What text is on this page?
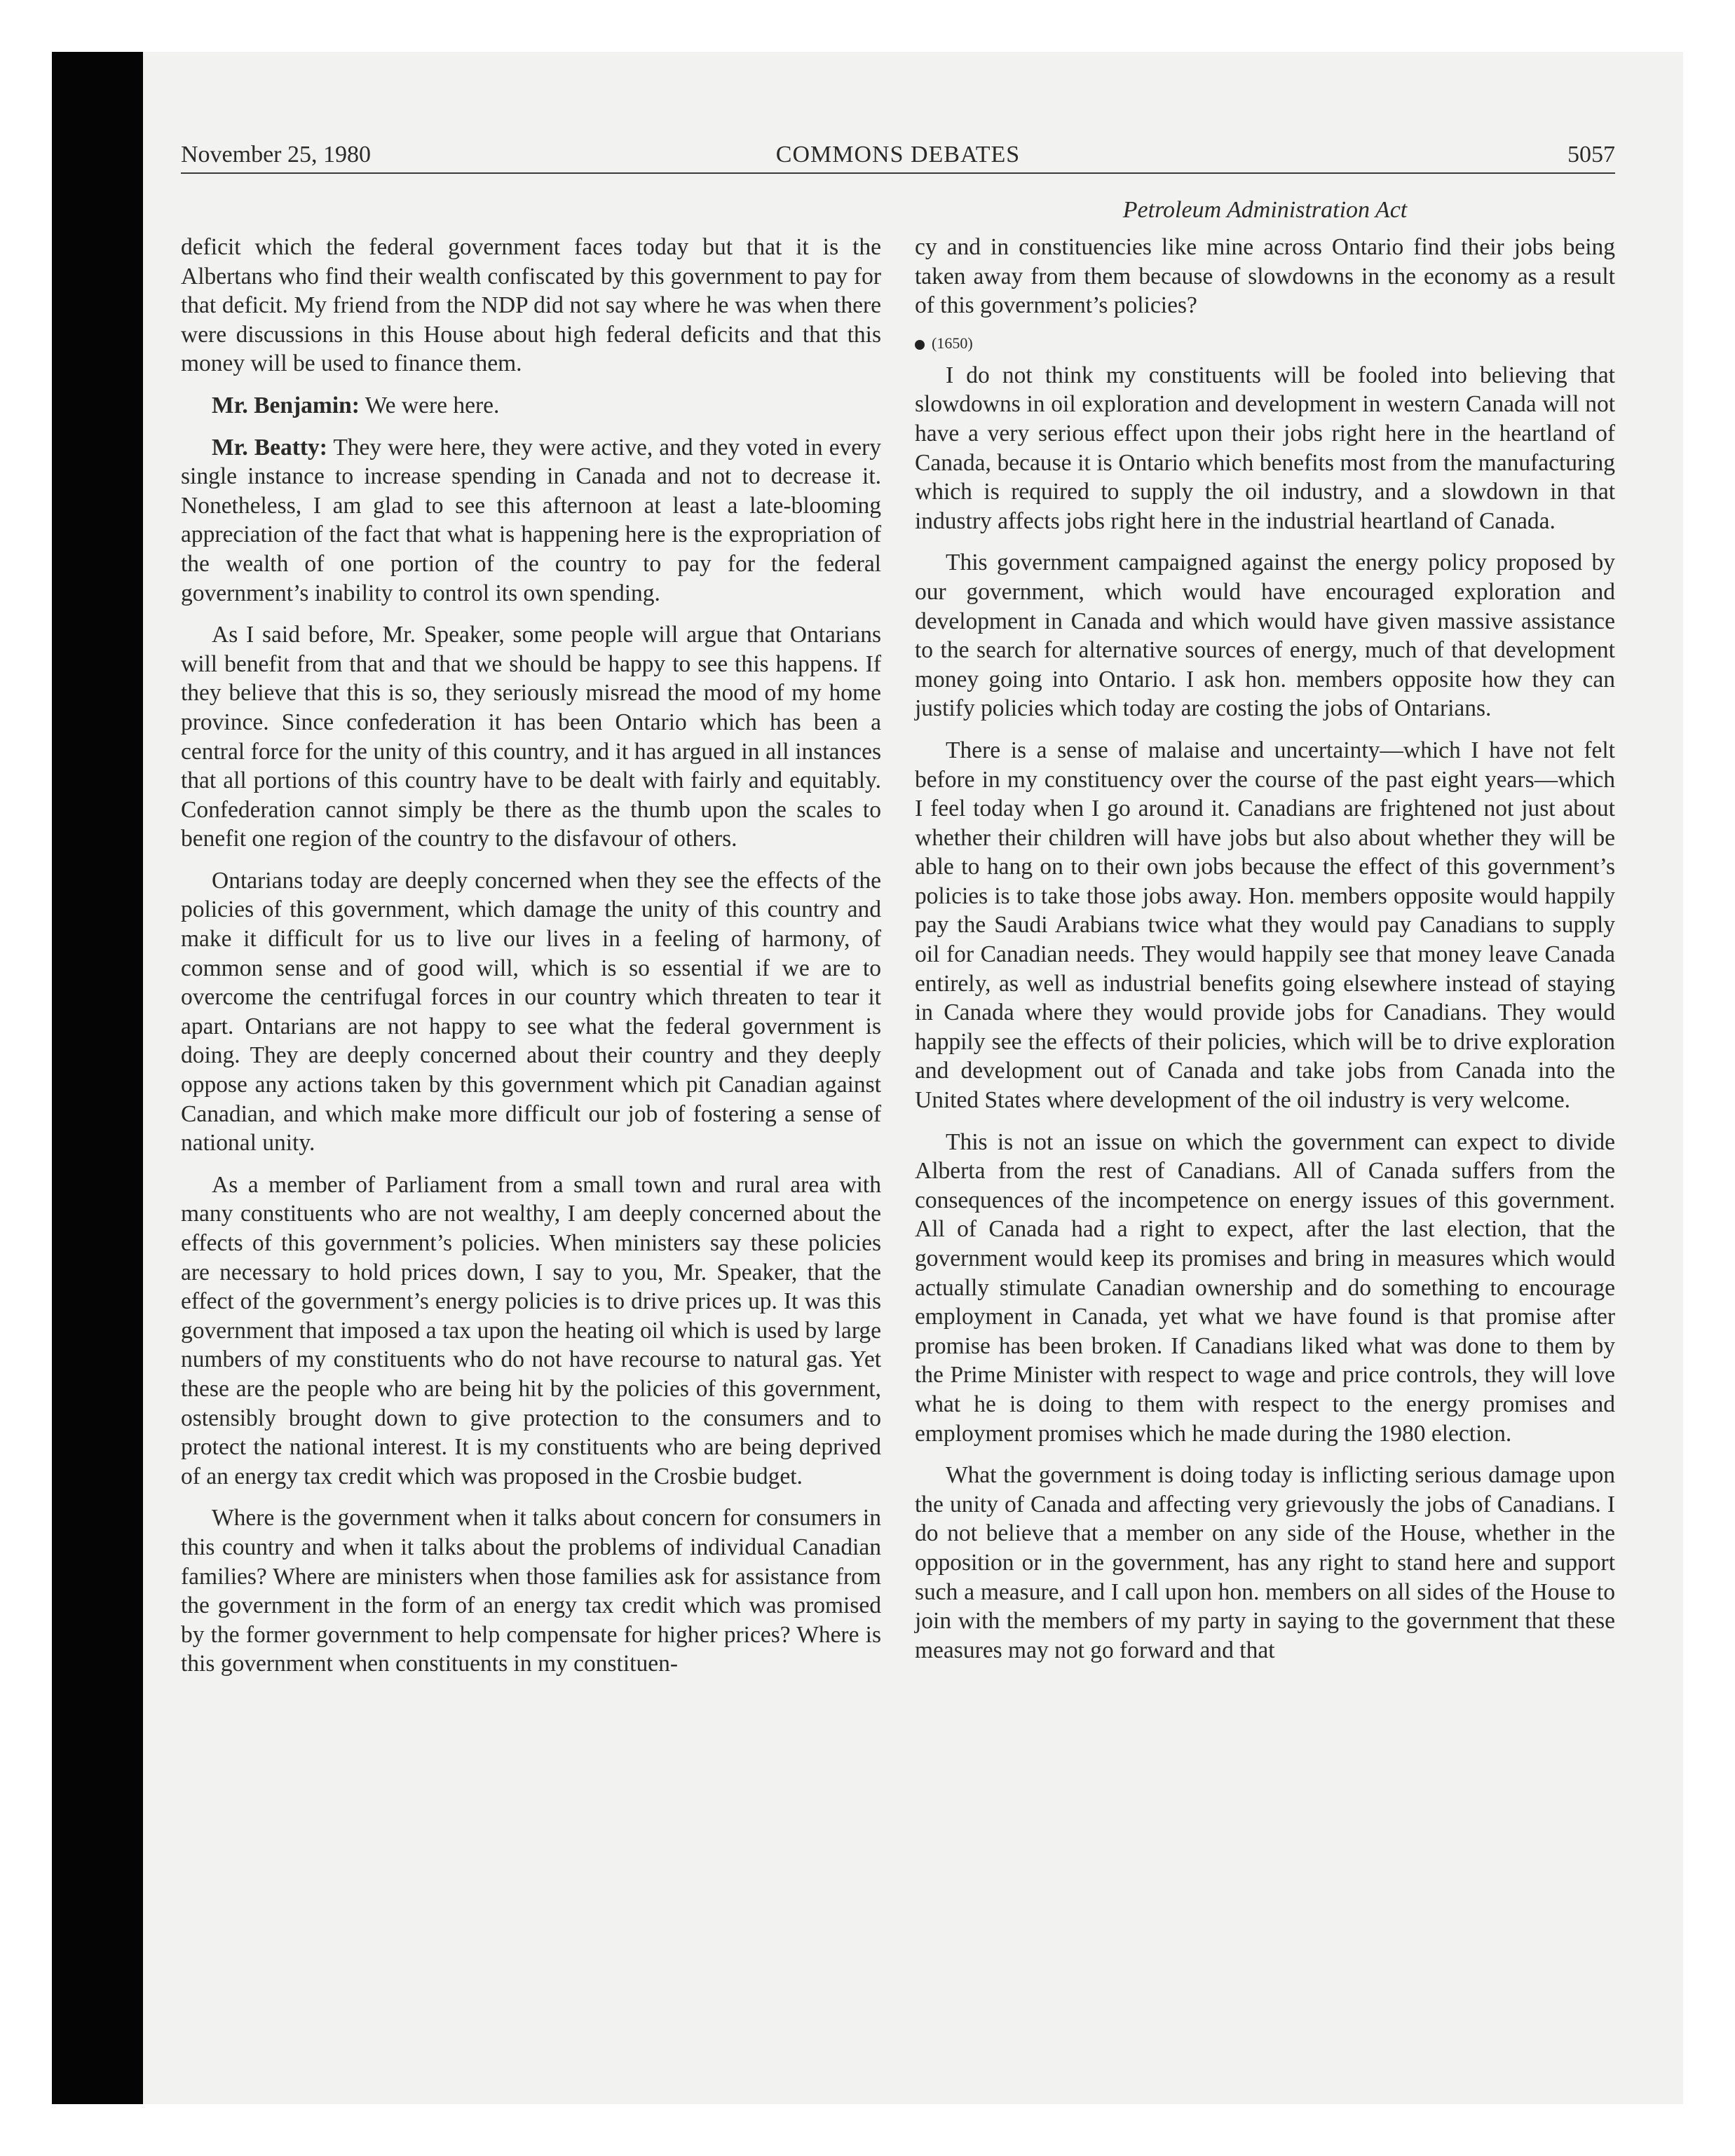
November 25, 1980	COMMONS DEBATES	5057
Petroleum Administration Act

deficit which the federal government faces today but that it is the Albertans who find their wealth confiscated by this government to pay for that deficit. My friend from the NDP did not say where he was when there were discussions in this House about high federal deficits and that this money will be used to finance them.

Mr. Benjamin: We were here.

Mr. Beatty: They were here, they were active, and they voted in every single instance to increase spending in Canada and not to decrease it. Nonetheless, I am glad to see this afternoon at least a late-blooming appreciation of the fact that what is happening here is the expropriation of the wealth of one portion of the country to pay for the federal government’s inability to control its own spending.

As I said before, Mr. Speaker, some people will argue that Ontarians will benefit from that and that we should be happy to see this happens. If they believe that this is so, they seriously misread the mood of my home province. Since confederation it has been Ontario which has been a central force for the unity of this country, and it has argued in all instances that all portions of this country have to be dealt with fairly and equitably. Confederation cannot simply be there as the thumb upon the scales to benefit one region of the country to the disfavour of others.

Ontarians today are deeply concerned when they see the effects of the policies of this government, which damage the unity of this country and make it difficult for us to live our lives in a feeling of harmony, of common sense and of good will, which is so essential if we are to overcome the centrifugal forces in our country which threaten to tear it apart. Ontarians are not happy to see what the federal government is doing. They are deeply concerned about their country and they deeply oppose any actions taken by this government which pit Canadian against Canadian, and which make more difficult our job of fostering a sense of national unity.

As a member of Parliament from a small town and rural area with many constituents who are not wealthy, I am deeply concerned about the effects of this government’s policies. When ministers say these policies are necessary to hold prices down, I say to you, Mr. Speaker, that the effect of the government’s energy policies is to drive prices up. It was this government that imposed a tax upon the heating oil which is used by large numbers of my constituents who do not have recourse to natural gas. Yet these are the people who are being hit by the policies of this government, ostensibly brought down to give protection to the consumers and to protect the national interest. It is my constituents who are being deprived of an energy tax credit which was proposed in the Crosbie budget.

Where is the government when it talks about concern for consumers in this country and when it talks about the problems of individual Canadian families? Where are ministers when those families ask for assistance from the government in the form of an energy tax credit which was promised by the former government to help compensate for higher prices? Where is this government when constituents in my constituen-

cy and in constituencies like mine across Ontario find their jobs being taken away from them because of slowdowns in the economy as a result of this government’s policies?

(1650)

I do not think my constituents will be fooled into believing that slowdowns in oil exploration and development in western Canada will not have a very serious effect upon their jobs right here in the heartland of Canada, because it is Ontario which benefits most from the manufacturing which is required to supply the oil industry, and a slowdown in that industry affects jobs right here in the industrial heartland of Canada.

This government campaigned against the energy policy proposed by our government, which would have encouraged exploration and development in Canada and which would have given massive assistance to the search for alternative sources of energy, much of that development money going into Ontario. I ask hon. members opposite how they can justify policies which today are costing the jobs of Ontarians.

There is a sense of malaise and uncertainty—which I have not felt before in my constituency over the course of the past eight years—which I feel today when I go around it. Canadians are frightened not just about whether their children will have jobs but also about whether they will be able to hang on to their own jobs because the effect of this government’s policies is to take those jobs away. Hon. members opposite would happily pay the Saudi Arabians twice what they would pay Canadians to supply oil for Canadian needs. They would happily see that money leave Canada entirely, as well as industrial benefits going elsewhere instead of staying in Canada where they would provide jobs for Canadians. They would happily see the effects of their policies, which will be to drive exploration and development out of Canada and take jobs from Canada into the United States where development of the oil industry is very welcome.

This is not an issue on which the government can expect to divide Alberta from the rest of Canadians. All of Canada suffers from the consequences of the incompetence on energy issues of this government. All of Canada had a right to expect, after the last election, that the government would keep its promises and bring in measures which would actually stimulate Canadian ownership and do something to encourage employment in Canada, yet what we have found is that promise after promise has been broken. If Canadians liked what was done to them by the Prime Minister with respect to wage and price controls, they will love what he is doing to them with respect to the energy promises and employment promises which he made during the 1980 election.

What the government is doing today is inflicting serious damage upon the unity of Canada and affecting very grievously the jobs of Canadians. I do not believe that a member on any side of the House, whether in the opposition or in the government, has any right to stand here and support such a measure, and I call upon hon. members on all sides of the House to join with the members of my party in saying to the government that these measures may not go forward and that
